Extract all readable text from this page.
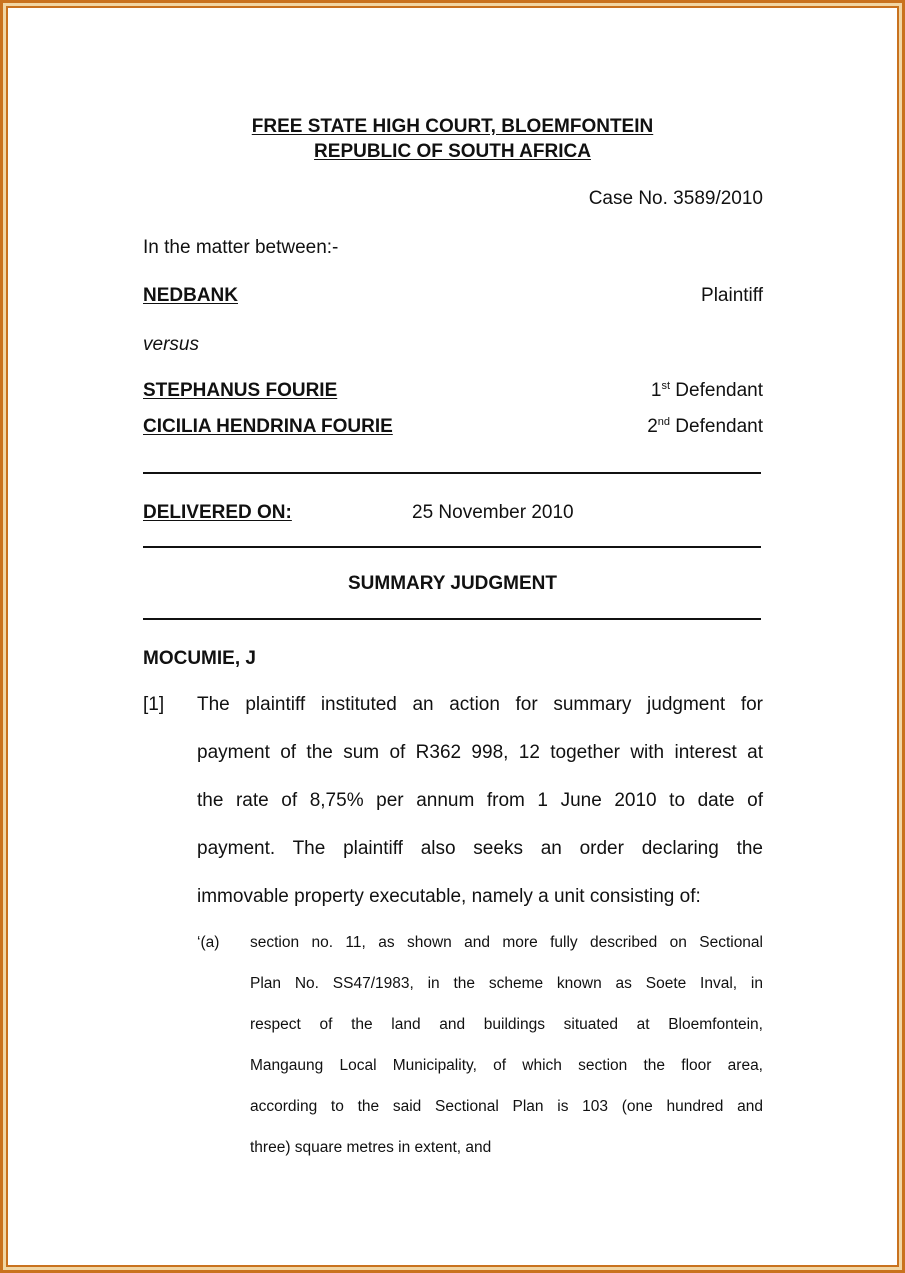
FREE STATE HIGH COURT, BLOEMFONTEIN
REPUBLIC OF SOUTH AFRICA
Case No. 3589/2010
In the matter between:-
NEDBANK	Plaintiff
versus
STEPHANUS FOURIE	1st Defendant
CICILIA HENDRINA FOURIE	2nd Defendant
DELIVERED ON:	25 November 2010
SUMMARY JUDGMENT
MOCUMIE, J
[1] The plaintiff instituted an action for summary judgment for
payment of the sum of R362 998, 12 together with interest at
the rate of 8,75% per annum from 1 June 2010 to date of
payment. The plaintiff also seeks an order declaring the
immovable property executable, namely a unit consisting of:
‘(a) section no. 11, as shown and more fully described on Sectional
Plan No. SS47/1983, in the scheme known as Soete Inval, in
respect of the land and buildings situated at Bloemfontein,
Mangaung Local Municipality, of which section the floor area,
according to the said Sectional Plan is 103 (one hundred and
three) square metres in extent, and
